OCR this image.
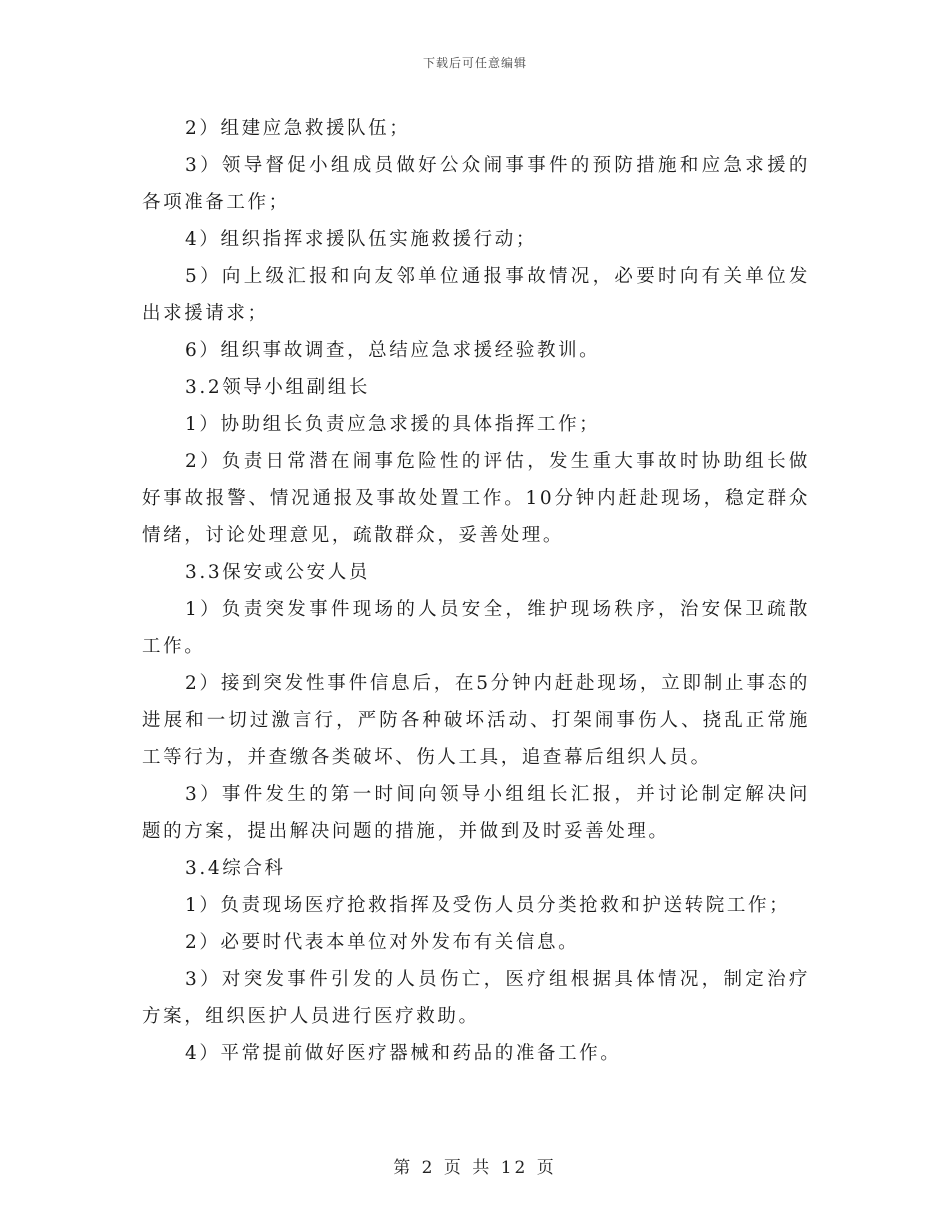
下载后可任意编辑

2）组建应急救援队伍；

3）领导督促小组成员做好公众闹事事件的预防措施和应急求援的各项准备工作；

4）组织指挥求援队伍实施救援行动；

5）向上级汇报和向友邻单位通报事故情况，必要时向有关单位发出求援请求；

6）组织事故调查，总结应急求援经验教训。

3.2领导小组副组长

1）协助组长负责应急求援的具体指挥工作；

2）负责日常潜在闹事危险性的评估，发生重大事故时协助组长做好事故报警、情况通报及事故处置工作。10分钟内赶赴现场，稳定群众情绪，讨论处理意见，疏散群众，妥善处理。

3.3保安或公安人员

1）负责突发事件现场的人员安全，维护现场秩序，治安保卫疏散工作。

2）接到突发性事件信息后，在5分钟内赶赴现场，立即制止事态的进展和一切过激言行，严防各种破坏活动、打架闹事伤人、挠乱正常施工等行为，并查缴各类破坏、伤人工具，追查幕后组织人员。

3）事件发生的第一时间向领导小组组长汇报，并讨论制定解决问题的方案，提出解决问题的措施，并做到及时妥善处理。

3.4综合科

1）负责现场医疗抢救指挥及受伤人员分类抢救和护送转院工作；

2）必要时代表本单位对外发布有关信息。

3）对突发事件引发的人员伤亡，医疗组根据具体情况，制定治疗方案，组织医护人员进行医疗救助。

4）平常提前做好医疗器械和药品的准备工作。

第 2 页 共 12 页
